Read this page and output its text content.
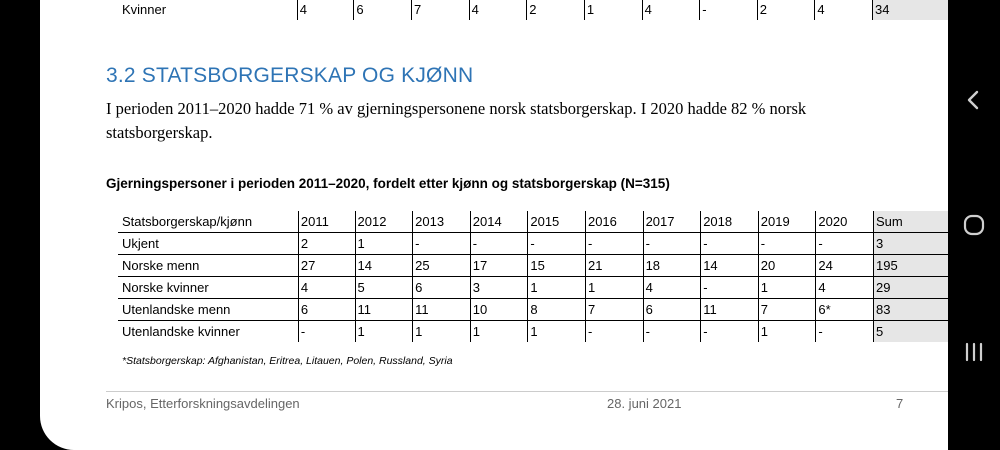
Kvinner	4	6	7	4	2	1	4	-	2	4	34
3.2 STATSBORGERSKAP OG KJØNN
I perioden 2011–2020 hadde 71 % av gjerningspersonene norsk statsborgerskap. I 2020 hadde 82 % norsk statsborgerskap.
Gjerningspersoner i perioden 2011–2020, fordelt etter kjønn og statsborgerskap (N=315)
Statsborgerskap/kjønn	2011	2012	2013	2014	2015	2016	2017	2018	2019	2020	Sum
Ukjent	2	1	-	-	-	-	-	-	-	-	3
Norske menn	27	14	25	17	15	21	18	14	20	24	195
Norske kvinner	4	5	6	3	1	1	4	-	1	4	29
Utenlandske menn	6	11	11	10	8	7	6	11	7	6*	83
Utenlandske kvinner	-	1	1	1	1	-	-	-	1	-	5
*Statsborgerskap: Afghanistan, Eritrea, Litauen, Polen, Russland, Syria
Kripos, Etterforskningsavdelingen	28. juni 2021	7
